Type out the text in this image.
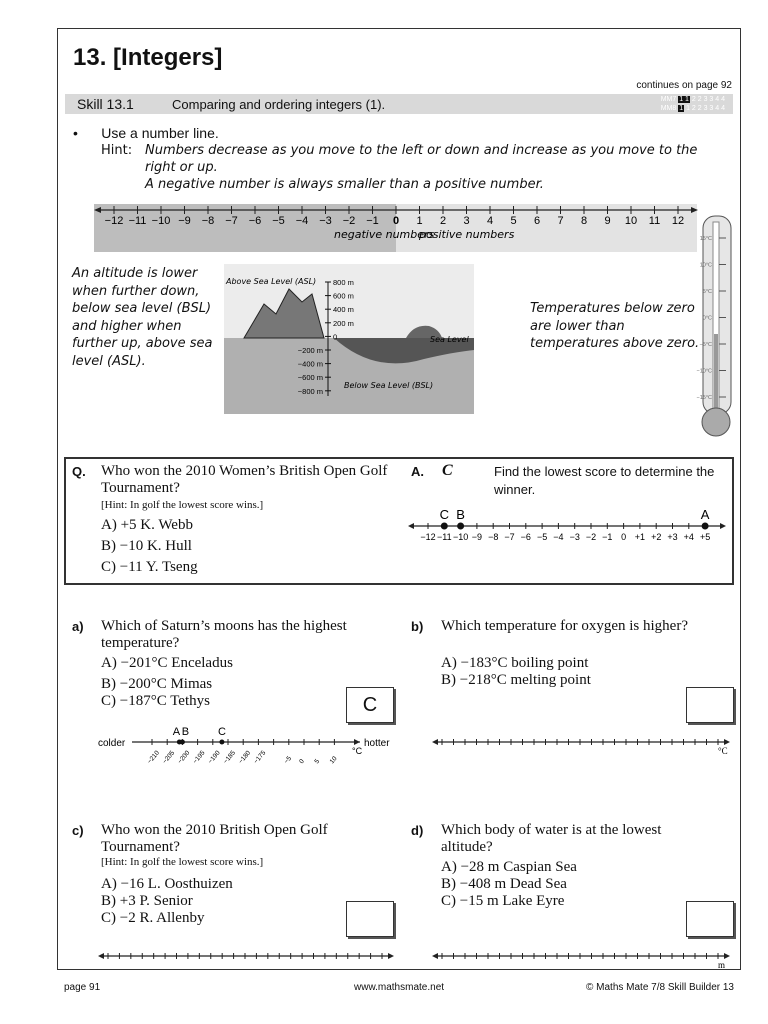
13. [Integers]
continues on page 92
Skill 13.1	Comparing and ordering integers (1).	MM7 1 1 2 2 3 3 4 4
MM8 1 1 2 2 3 3 4 4
•      Use a number line.
Hint: Numbers decrease as you move to the left or down and increase as you move to the right or up.
A negative number is always smaller than a positive number.
−12 −11 −10 −9 −8 −7 −6 −5 −4 −3 −2 −1 0 1 2 3 4 5 6 7 8 9 10 11 12
negative numbers
positive numbers
An altitude is lower when further down, below sea level (BSL) and higher when further up, above sea level (ASL).
Above Sea Level (ASL)
Below Sea Level (BSL)
Sea Level
800 m
600 m
400 m
200 m
0
−200 m
−400 m
−600 m
−800 m
Temperatures below zero are lower than temperatures above zero.
15°C
10°C
5°C
0°C
−5°C
−10°C
−15°C
Q. Who won the 2010 Women’s British Open Golf Tournament?
[Hint: In golf the lowest score wins.]
A) +5 K. Webb
B) −10 K. Hull
C) −11 Y. Tseng
A. C	Find the lowest score to determine the winner.
−12 −11 −10 −9 −8 −7 −6 −5 −4 −3 −2 −1 0 +1 +2 +3 +4 +5
C B	A
a) Which of Saturn’s moons has the highest temperature?
A) −201°C Enceladus
B) −200°C Mimas
C) −187°C Tethys	C
colder	hotter
°C
−210 −205 −200 −195 −190 −185 −180 −175 −5 0 5 10
A B	C
b) Which temperature for oxygen is higher?
A) −183°C boiling point
B) −218°C melting point
°C
c) Who won the 2010 British Open Golf Tournament?
[Hint: In golf the lowest score wins.]
A) −16 L. Oosthuizen
B) +3 P. Senior
C) −2 R. Allenby
d) Which body of water is at the lowest altitude?
A) −28 m Caspian Sea
B) −408 m Dead Sea
C) −15 m Lake Eyre
m
page 91	www.mathsmate.net	© Maths Mate 7/8 Skill Builder 13
